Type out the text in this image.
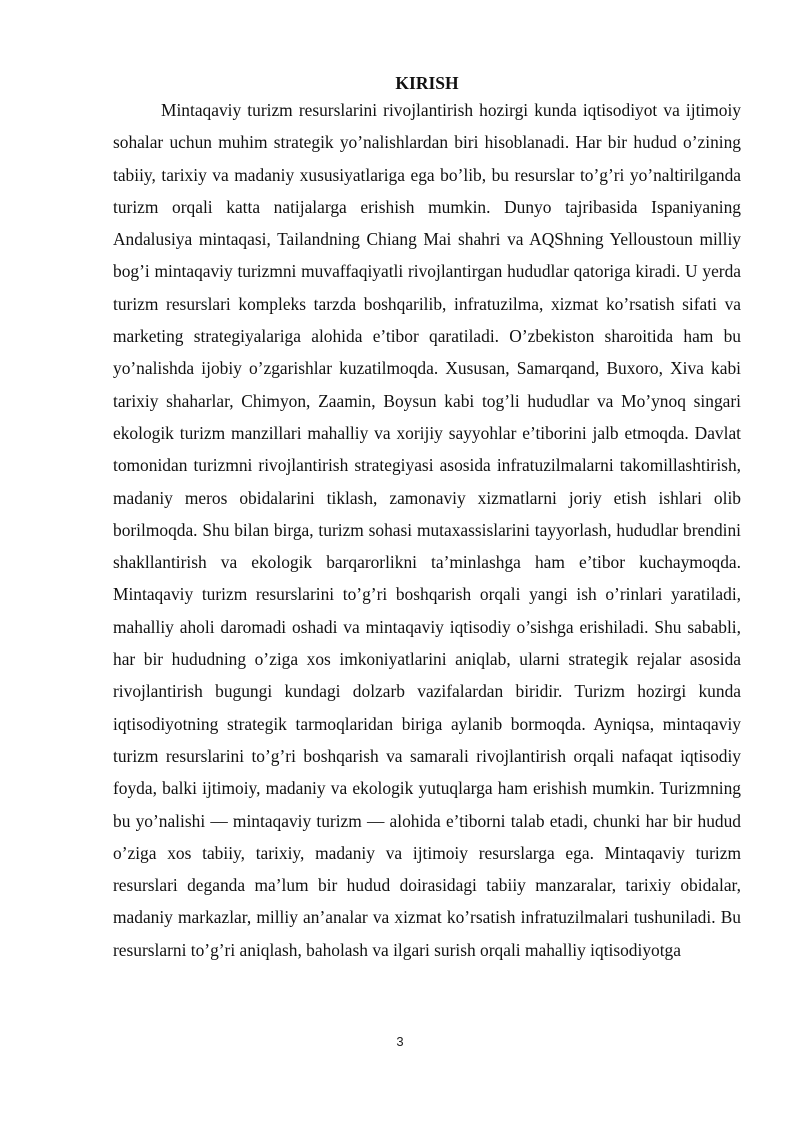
KIRISH

Mintaqaviy turizm resurslarini rivojlantirish hozirgi kunda iqtisodiyot va ijtimoiy sohalar uchun muhim strategik yo’nalishlardan biri hisoblanadi. Har bir hudud o’zining tabiiy, tarixiy va madaniy xususiyatlariga ega bo’lib, bu resurslar to’g’ri yo’naltirilganda turizm orqali katta natijalarga erishish mumkin. Dunyo tajribasida Ispaniyaning Andalusiya mintaqasi, Tailandning Chiang Mai shahri va AQShning Yelloustoun milliy bog’i mintaqaviy turizmni muvaffaqiyatli rivojlantirgan hududlar qatoriga kiradi. U yerda turizm resurslari kompleks tarzda boshqarilib, infratuzilma, xizmat ko’rsatish sifati va marketing strategiyalariga alohida e’tibor qaratiladi. O’zbekiston sharoitida ham bu yo’nalishda ijobiy o’zgarishlar kuzatilmoqda. Xususan, Samarqand, Buxoro, Xiva kabi tarixiy shaharlar, Chimyon, Zaamin, Boysun kabi tog’li hududlar va Mo’ynoq singari ekologik turizm manzillari mahalliy va xorijiy sayyohlar e’tiborini jalb etmoqda. Davlat tomonidan turizmni rivojlantirish strategiyasi asosida infratuzilmalarni takomillashtirish, madaniy meros obidalarini tiklash, zamonaviy xizmatlarni joriy etish ishlari olib borilmoqda. Shu bilan birga, turizm sohasi mutaxassislarini tayyorlash, hududlar brendini shakllantirish va ekologik barqarorlikni ta’minlashga ham e’tibor kuchaymoqda. Mintaqaviy turizm resurslarini to’g’ri boshqarish orqali yangi ish o’rinlari yaratiladi, mahalliy aholi daromadi oshadi va mintaqaviy iqtisodiy o’sishga erishiladi. Shu sababli, har bir hududning o’ziga xos imkoniyatlarini aniqlab, ularni strategik rejalar asosida rivojlantirish bugungi kundagi dolzarb vazifalardan biridir. Turizm hozirgi kunda iqtisodiyotning strategik tarmoqlaridan biriga aylanib bormoqda. Ayniqsa, mintaqaviy turizm resurslarini to’g’ri boshqarish va samarali rivojlantirish orqali nafaqat iqtisodiy foyda, balki ijtimoiy, madaniy va ekologik yutuqlarga ham erishish mumkin. Turizmning bu yo’nalishi — mintaqaviy turizm — alohida e’tiborni talab etadi, chunki har bir hudud o’ziga xos tabiiy, tarixiy, madaniy va ijtimoiy resurslarga ega. Mintaqaviy turizm resurslari deganda ma’lum bir hudud doirasidagi tabiiy manzaralar, tarixiy obidalar, madaniy markazlar, milliy an’analar va xizmat ko’rsatish infratuzilmalari tushuniladi. Bu resurslarni to’g’ri aniqlash, baholash va ilgari surish orqali mahalliy iqtisodiyotga

3
